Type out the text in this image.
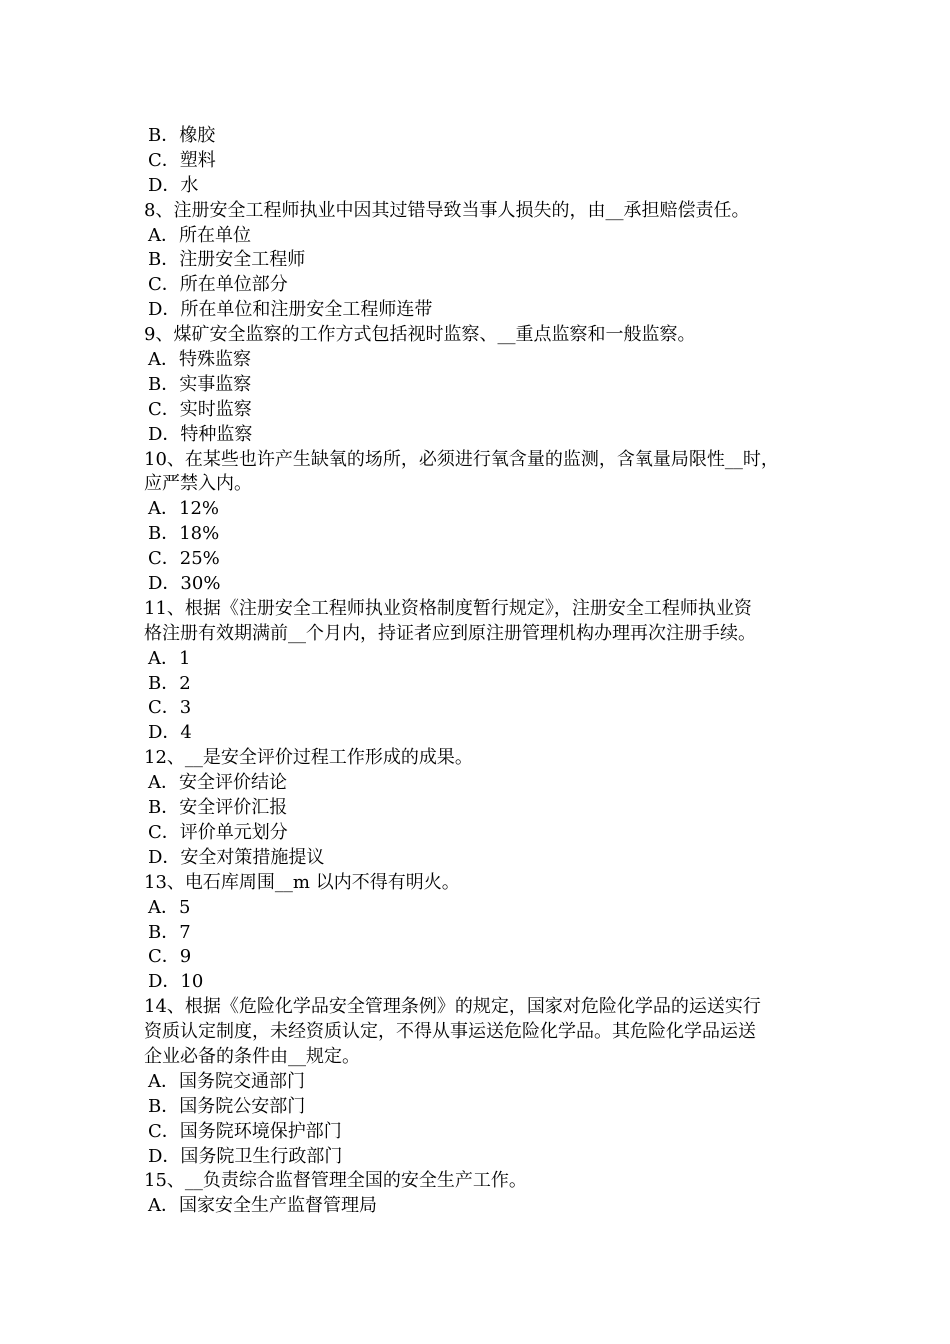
B．橡胶
C．塑料
D．水
8、注册安全工程师执业中因其过错导致当事人损失的，由__承担赔偿责任。
A．所在单位
B．注册安全工程师
C．所在单位部分
D．所在单位和注册安全工程师连带
9、煤矿安全监察的工作方式包括视时监察、__重点监察和一般监察。
A．特殊监察
B．实事监察
C．实时监察
D．特种监察
10、在某些也许产生缺氧的场所，必须进行氧含量的监测，含氧量局限性__时，
应严禁入内。
A．12%
B．18%
C．25%
D．30%
11、根据《注册安全工程师执业资格制度暂行规定》，注册安全工程师执业资
格注册有效期满前__个月内，持证者应到原注册管理机构办理再次注册手续。
A．1
B．2
C．3
D．4
12、__是安全评价过程工作形成的成果。
A．安全评价结论
B．安全评价汇报
C．评价单元划分
D．安全对策措施提议
13、电石库周围__m 以内不得有明火。
A．5
B．7
C．9
D．10
14、根据《危险化学品安全管理条例》的规定，国家对危险化学品的运送实行
资质认定制度，未经资质认定，不得从事运送危险化学品。其危险化学品运送
企业必备的条件由__规定。
A．国务院交通部门
B．国务院公安部门
C．国务院环境保护部门
D．国务院卫生行政部门
15、__负责综合监督管理全国的安全生产工作。
A．国家安全生产监督管理局
